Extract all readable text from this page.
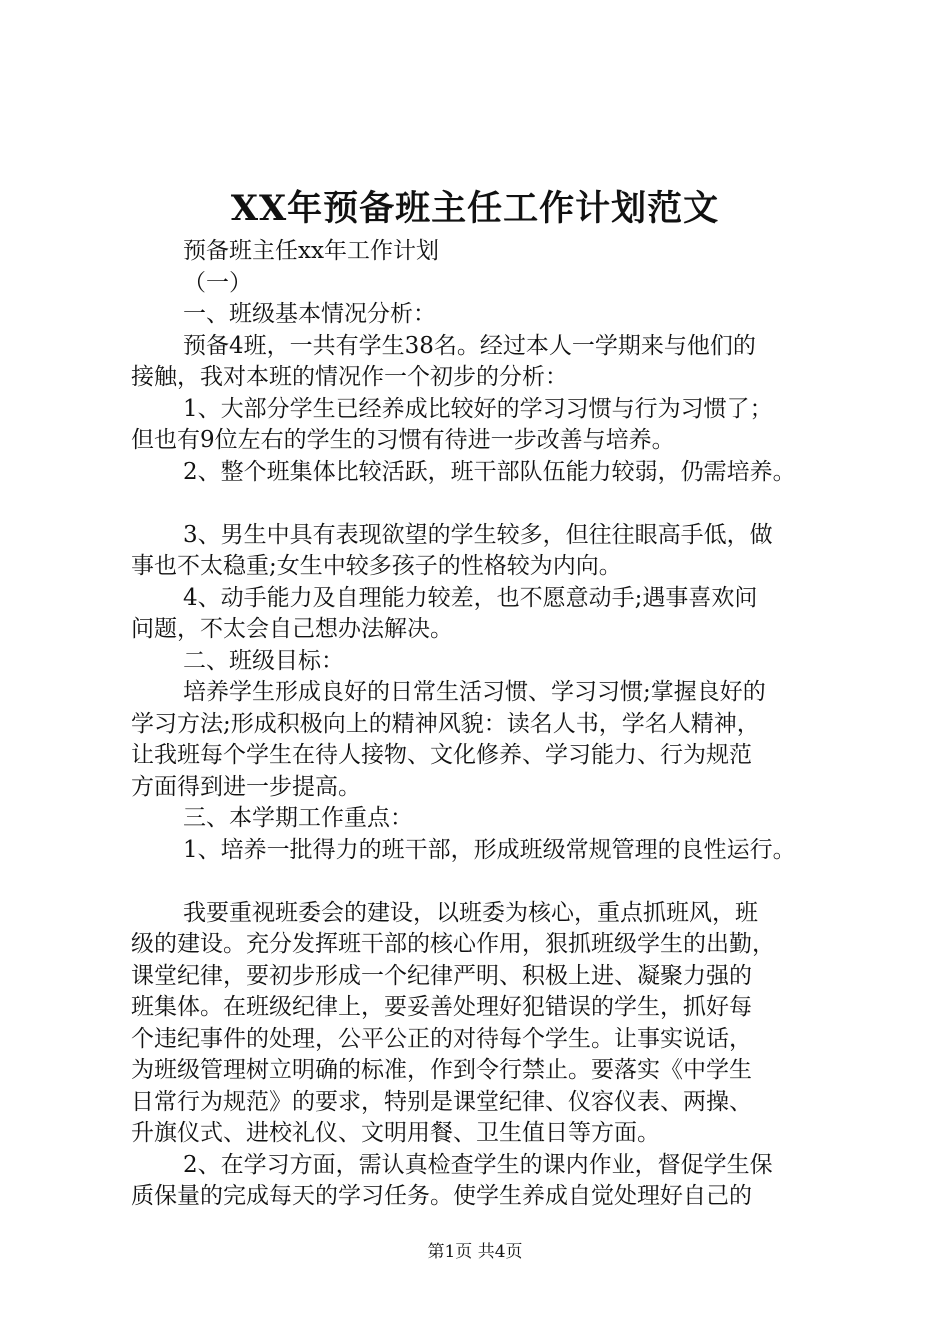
XX年预备班主任工作计划范文

预备班主任xx年工作计划

（一）

一、班级基本情况分析：

预备4班，一共有学生38名。经过本人一学期来与他们的

接触，我对本班的情况作一个初步的分析：

1、大部分学生已经养成比较好的学习习惯与行为习惯了；

但也有9位左右的学生的习惯有待进一步改善与培养。

2、整个班集体比较活跃，班干部队伍能力较弱，仍需培养。

3、男生中具有表现欲望的学生较多，但往往眼高手低，做

事也不太稳重;女生中较多孩子的性格较为内向。

4、动手能力及自理能力较差，也不愿意动手;遇事喜欢问

问题，不太会自己想办法解决。

二、班级目标：

培养学生形成良好的日常生活习惯、学习习惯;掌握良好的

学习方法;形成积极向上的精神风貌：读名人书，学名人精神，

让我班每个学生在待人接物、文化修养、学习能力、行为规范

方面得到进一步提高。

三、本学期工作重点：

1、培养一批得力的班干部，形成班级常规管理的良性运行。

我要重视班委会的建设，以班委为核心，重点抓班风，班

级的建设。充分发挥班干部的核心作用，狠抓班级学生的出勤，

课堂纪律，要初步形成一个纪律严明、积极上进、凝聚力强的

班集体。在班级纪律上，要妥善处理好犯错误的学生，抓好每

个违纪事件的处理，公平公正的对待每个学生。让事实说话，

为班级管理树立明确的标准，作到令行禁止。要落实《中学生

日常行为规范》的要求，特别是课堂纪律、仪容仪表、两操、

升旗仪式、进校礼仪、文明用餐、卫生值日等方面。

2、在学习方面，需认真检查学生的课内作业，督促学生保

质保量的完成每天的学习任务。使学生养成自觉处理好自己的

第1页 共4页
